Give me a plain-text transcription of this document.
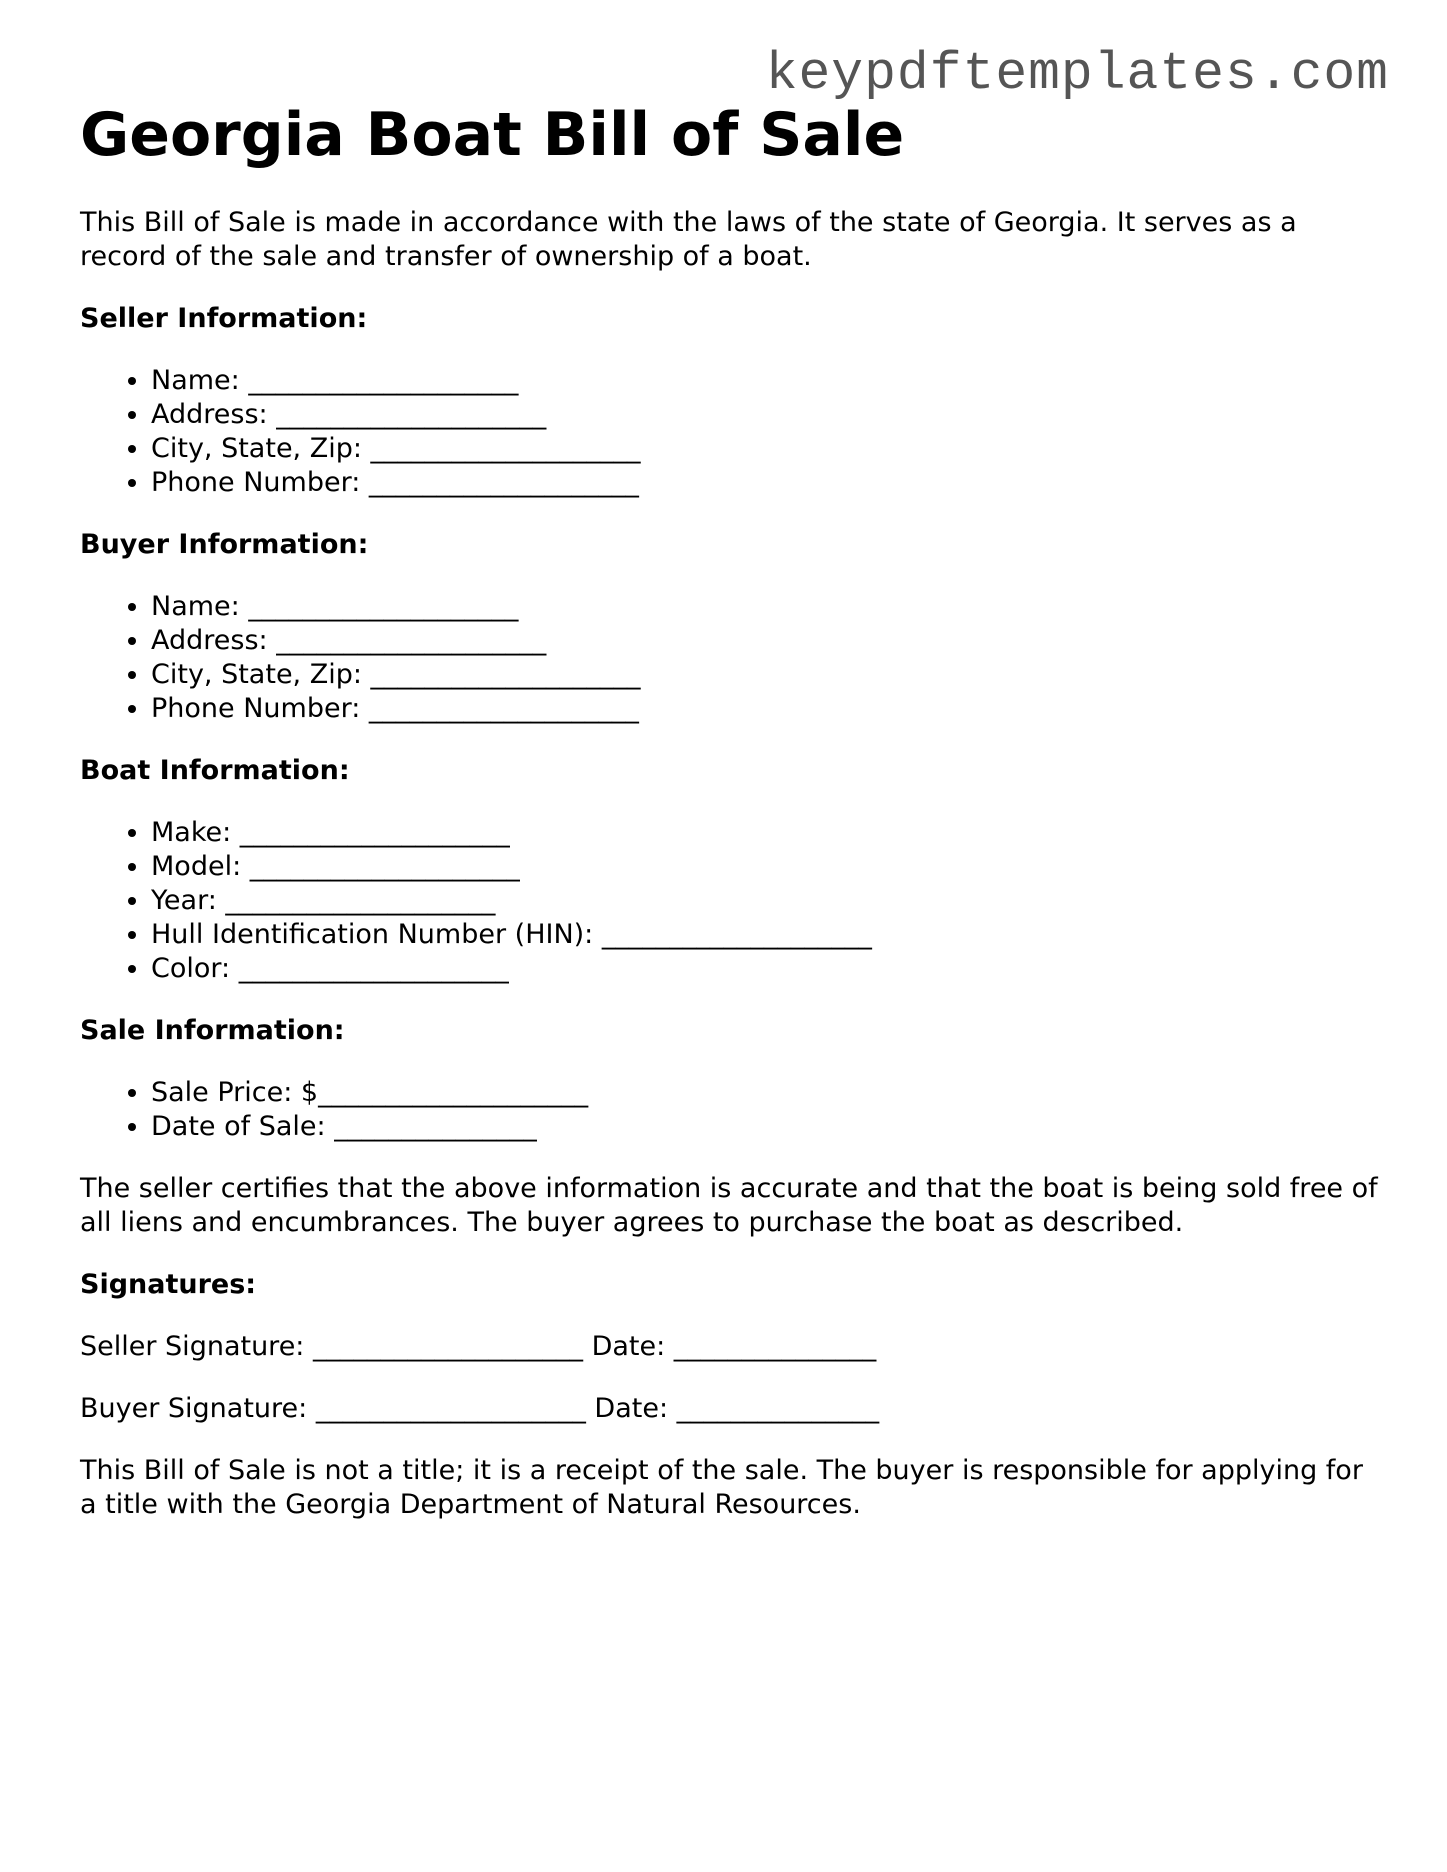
keypdftemplates.com
Georgia Boat Bill of Sale

This Bill of Sale is made in accordance with the laws of the state of Georgia. It serves as a record of the sale and transfer of ownership of a boat.

Seller Information:
• Name: ____________________
• Address: ____________________
• City, State, Zip: ____________________
• Phone Number: ____________________
Buyer Information:
• Name: ____________________
• Address: ____________________
• City, State, Zip: ____________________
• Phone Number: ____________________
Boat Information:
• Make: ____________________
• Model: ____________________
• Year: ____________________
• Hull Identification Number (HIN): ____________________
• Color: ____________________
Sale Information:
• Sale Price: $____________________
• Date of Sale: _______________

The seller certifies that the above information is accurate and that the boat is being sold free of all liens and encumbrances. The buyer agrees to purchase the boat as described.

Signatures:

Seller Signature: ____________________ Date: _______________

Buyer Signature: ____________________ Date: _______________

This Bill of Sale is not a title; it is a receipt of the sale. The buyer is responsible for applying for a title with the Georgia Department of Natural Resources.
